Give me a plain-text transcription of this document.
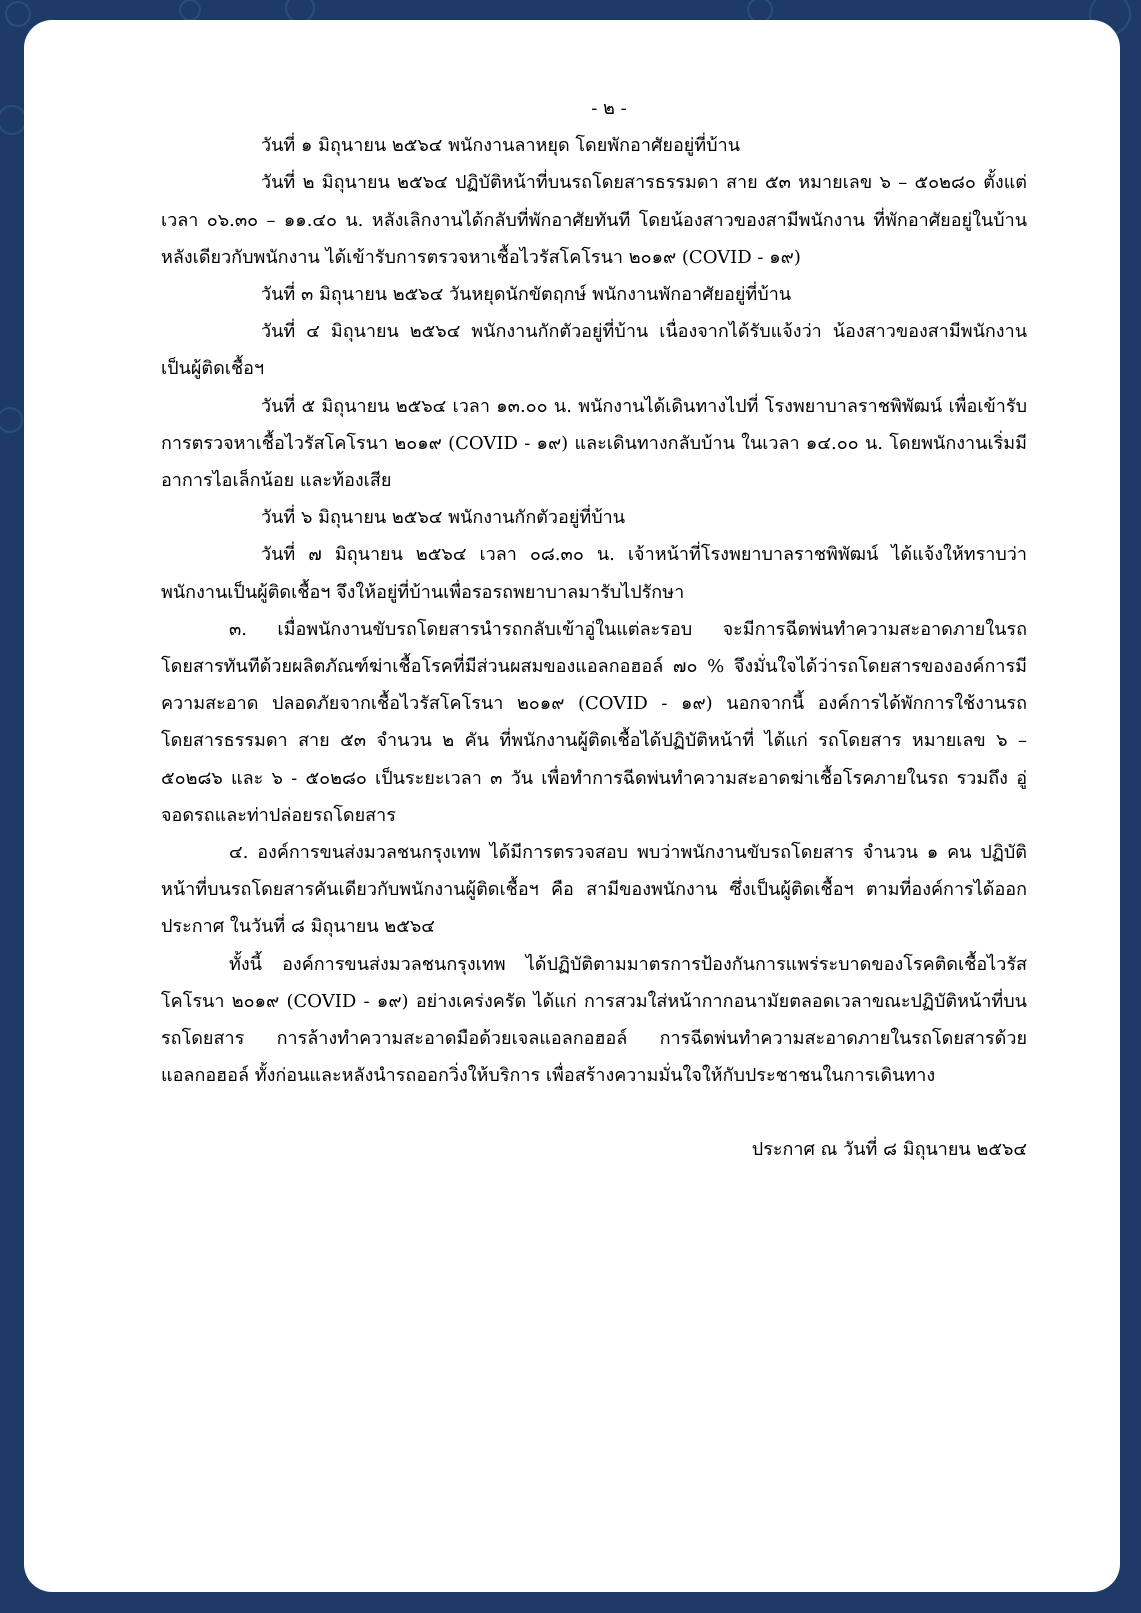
- ๒ -

วันที่ ๑ มิถุนายน ๒๕๖๔ พนักงานลาหยุด โดยพักอาศัยอยู่ที่บ้าน

วันที่ ๒ มิถุนายน ๒๕๖๔ ปฏิบัติหน้าที่บนรถโดยสารธรรมดา สาย ๕๓ หมายเลข ๖ – ๕๐๒๘๐ ตั้งแต่เวลา ๐๖.๓๐ – ๑๑.๔๐ น. หลังเลิกงานได้กลับที่พักอาศัยทันที โดยน้องสาวของสามีพนักงาน ที่พักอาศัยอยู่ในบ้านหลังเดียวกับพนักงาน ได้เข้ารับการตรวจหาเชื้อไวรัสโคโรนา ๒๐๑๙ (COVID - ๑๙)

วันที่ ๓ มิถุนายน ๒๕๖๔ วันหยุดนักขัตฤกษ์ พนักงานพักอาศัยอยู่ที่บ้าน

วันที่ ๔ มิถุนายน ๒๕๖๔ พนักงานกักตัวอยู่ที่บ้าน เนื่องจากได้รับแจ้งว่า น้องสาวของสามีพนักงาน เป็นผู้ติดเชื้อฯ

วันที่ ๕ มิถุนายน ๒๕๖๔ เวลา ๑๓.๐๐ น. พนักงานได้เดินทางไปที่ โรงพยาบาลราชพิพัฒน์ เพื่อเข้ารับการตรวจหาเชื้อไวรัสโคโรนา ๒๐๑๙ (COVID - ๑๙) และเดินทางกลับบ้าน ในเวลา ๑๔.๐๐ น. โดยพนักงานเริ่มมีอาการไอเล็กน้อย และท้องเสีย

วันที่ ๖ มิถุนายน ๒๕๖๔ พนักงานกักตัวอยู่ที่บ้าน

วันที่ ๗ มิถุนายน ๒๕๖๔ เวลา ๐๘.๓๐ น. เจ้าหน้าที่โรงพยาบาลราชพิพัฒน์ ได้แจ้งให้ทราบว่า พนักงานเป็นผู้ติดเชื้อฯ จึงให้อยู่ที่บ้านเพื่อรอรถพยาบาลมารับไปรักษา

๓. เมื่อพนักงานขับรถโดยสารนำรถกลับเข้าอู่ในแต่ละรอบ จะมีการฉีดพ่นทำความสะอาดภายในรถโดยสารทันทีด้วยผลิตภัณฑ์ฆ่าเชื้อโรคที่มีส่วนผสมของแอลกอฮอล์ ๗๐ % จึงมั่นใจได้ว่ารถโดยสารขององค์การมีความสะอาด ปลอดภัยจากเชื้อไวรัสโคโรนา ๒๐๑๙ (COVID - ๑๙) นอกจากนี้ องค์การได้พักการใช้งานรถโดยสารธรรมดา สาย ๕๓ จำนวน ๒ คัน ที่พนักงานผู้ติดเชื้อได้ปฏิบัติหน้าที่ ได้แก่ รถโดยสาร หมายเลข ๖ – ๕๐๒๘๖ และ ๖ - ๕๐๒๘๐ เป็นระยะเวลา ๓ วัน เพื่อทำการฉีดพ่นทำความสะอาดฆ่าเชื้อโรคภายในรถ รวมถึง อู่จอดรถและท่าปล่อยรถโดยสาร

๔. องค์การขนส่งมวลชนกรุงเทพ ได้มีการตรวจสอบ พบว่าพนักงานขับรถโดยสาร จำนวน ๑ คน ปฏิบัติหน้าที่บนรถโดยสารคันเดียวกับพนักงานผู้ติดเชื้อฯ คือ สามีของพนักงาน ซึ่งเป็นผู้ติดเชื้อฯ ตามที่องค์การได้ออกประกาศ ในวันที่ ๘ มิถุนายน ๒๕๖๔

ทั้งนี้ องค์การขนส่งมวลชนกรุงเทพ ได้ปฏิบัติตามมาตรการป้องกันการแพร่ระบาดของโรคติดเชื้อไวรัสโคโรนา ๒๐๑๙ (COVID - ๑๙) อย่างเคร่งครัด ได้แก่ การสวมใส่หน้ากากอนามัยตลอดเวลาขณะปฏิบัติหน้าที่บนรถโดยสาร การล้างทำความสะอาดมือด้วยเจลแอลกอฮอล์ การฉีดพ่นทำความสะอาดภายในรถโดยสารด้วยแอลกอฮอล์ ทั้งก่อนและหลังนำรถออกวิ่งให้บริการ เพื่อสร้างความมั่นใจให้กับประชาชนในการเดินทาง

ประกาศ ณ วันที่ ๘ มิถุนายน ๒๕๖๔
